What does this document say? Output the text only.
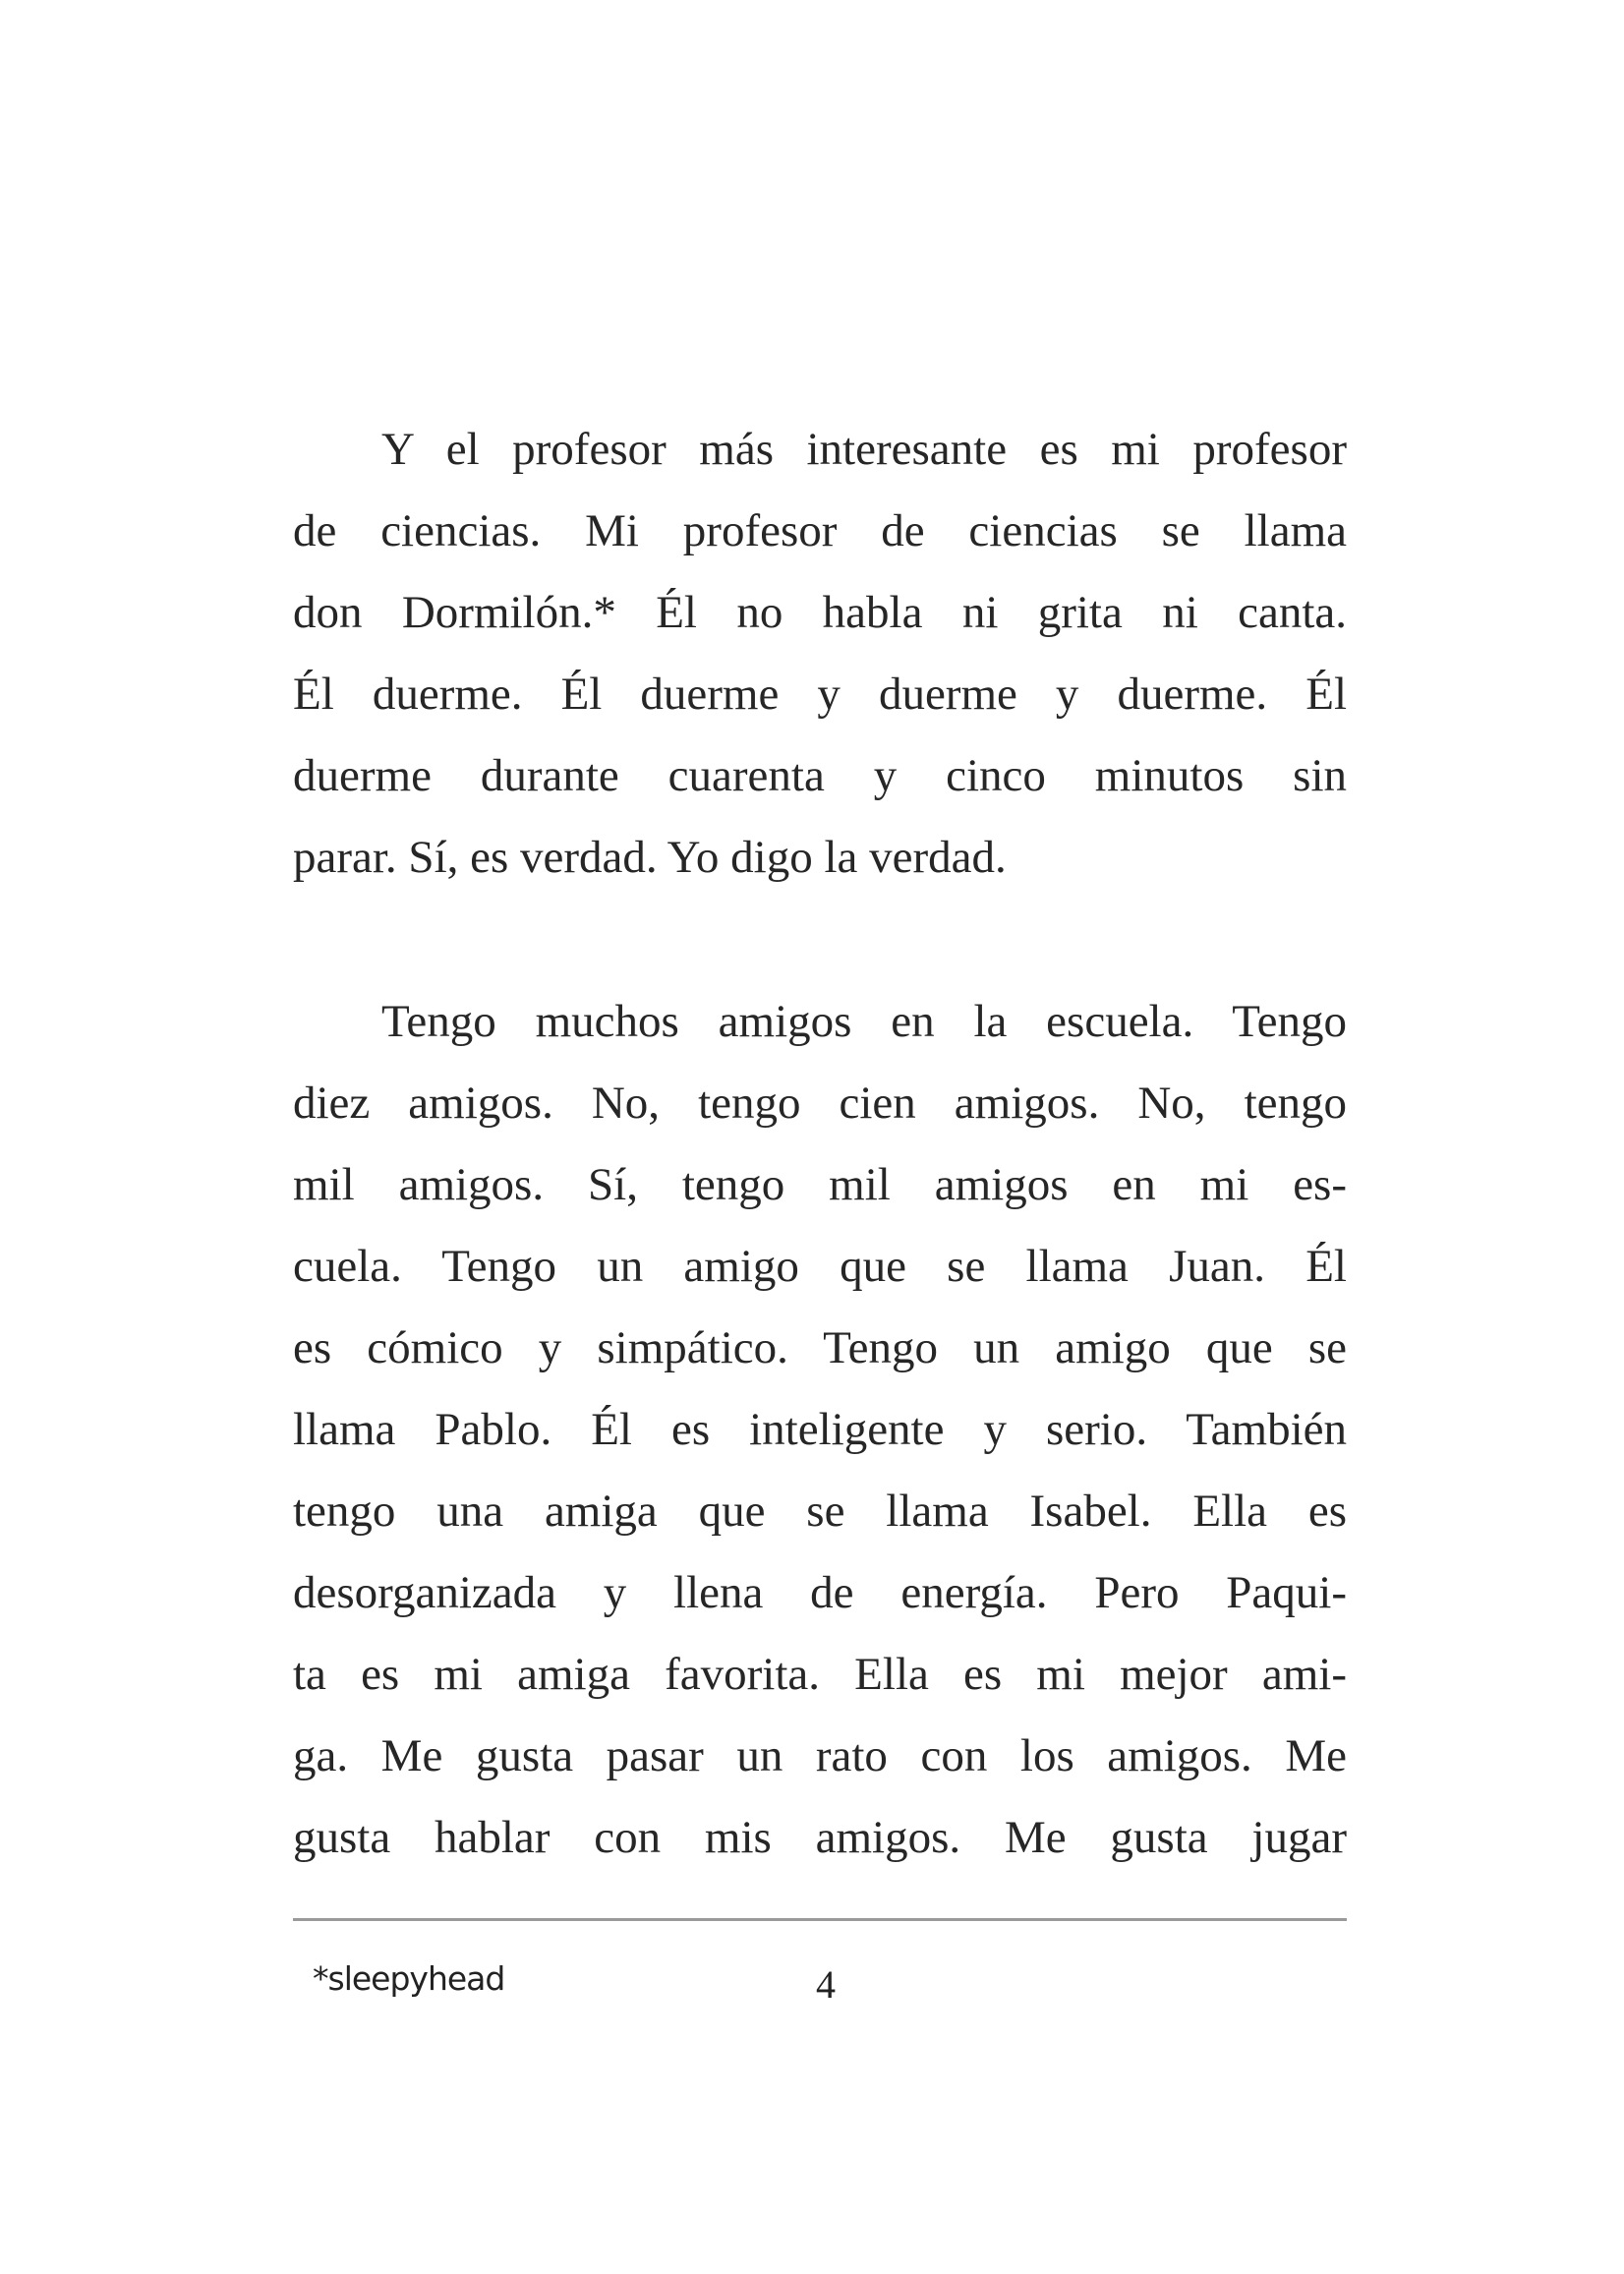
Y el profesor más interesante es mi profesor
de ciencias. Mi profesor de ciencias se llama
don Dormilón.* Él no habla ni grita ni canta.
Él duerme. Él duerme y duerme y duerme. Él
duerme durante cuarenta y cinco minutos sin
parar. Sí, es verdad. Yo digo la verdad.
Tengo muchos amigos en la escuela. Tengo
diez amigos. No, tengo cien amigos. No, tengo
mil amigos. Sí, tengo mil amigos en mi es-
cuela. Tengo un amigo que se llama Juan. Él
es cómico y simpático. Tengo un amigo que se
llama Pablo. Él es inteligente y serio. También
tengo una amiga que se llama Isabel. Ella es
desorganizada y llena de energía. Pero Paqui-
ta es mi amiga favorita. Ella es mi mejor ami-
ga. Me gusta pasar un rato con los amigos. Me
gusta hablar con mis amigos. Me gusta jugar
*sleepyhead	4
